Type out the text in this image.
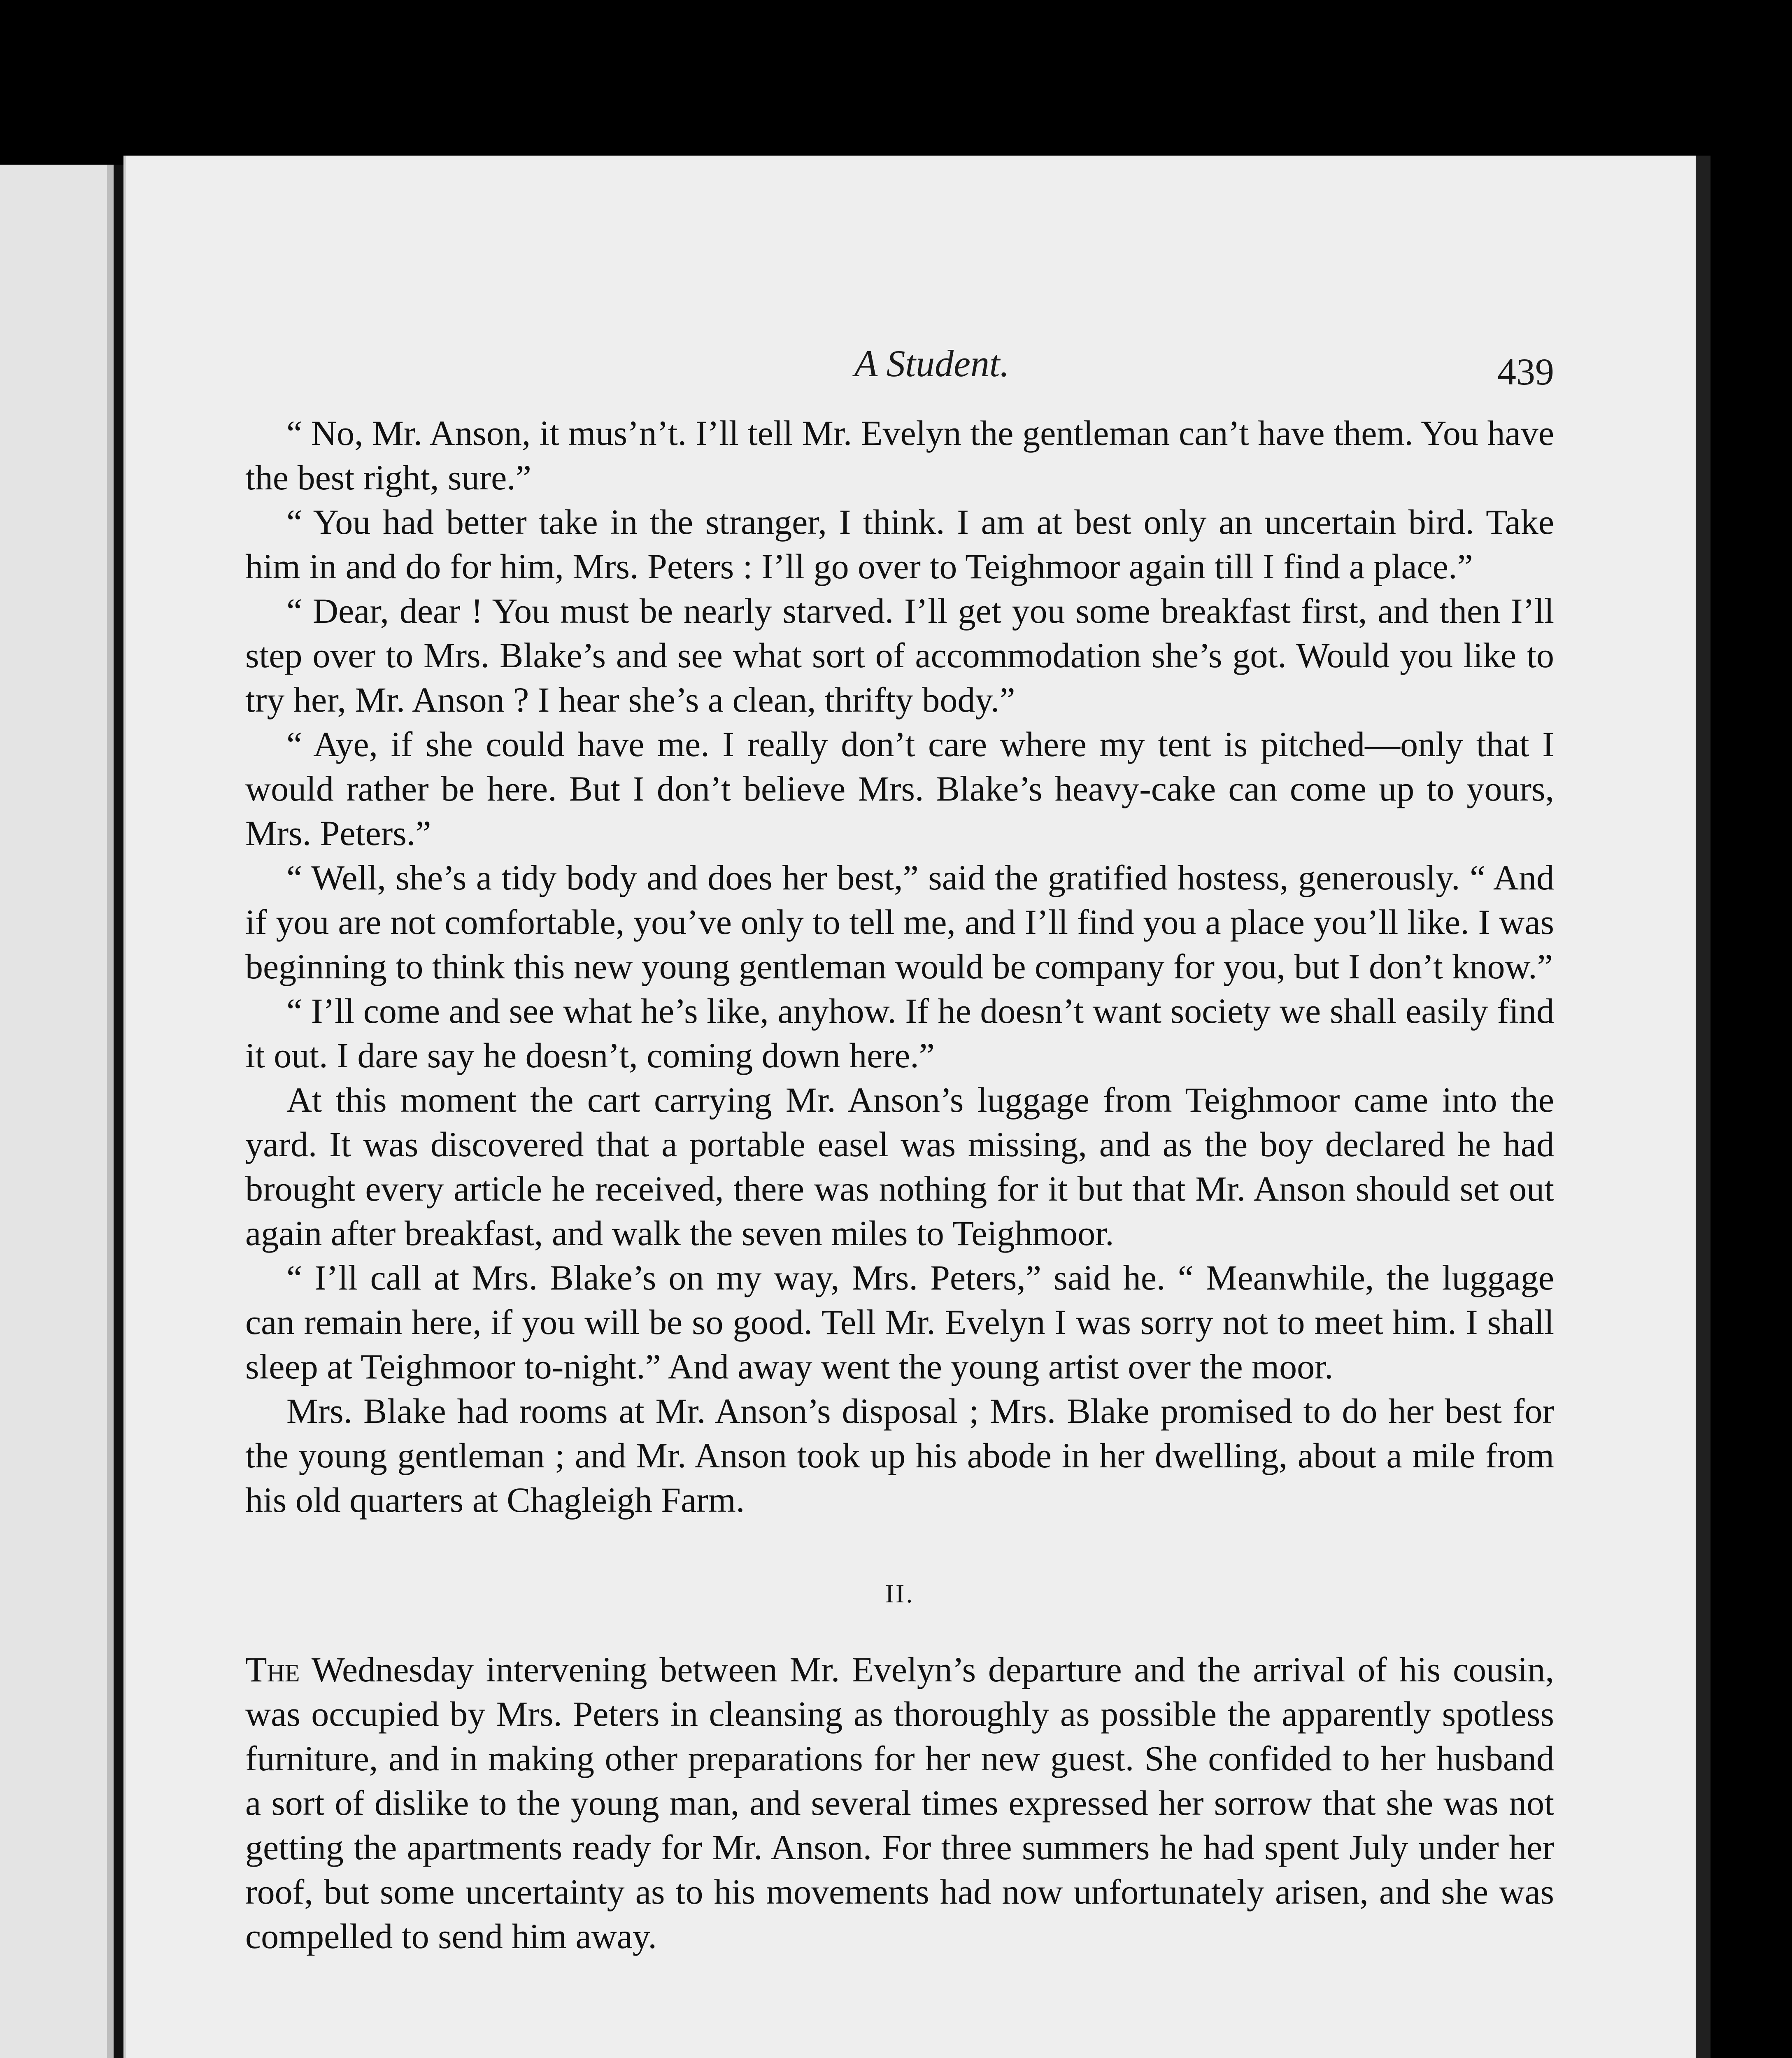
A Student.	439

“ No, Mr. Anson, it mus’n’t. I’ll tell Mr. Evelyn the gentleman can’t have them. You have the best right, sure.”

“ You had better take in the stranger, I think. I am at best only an uncertain bird. Take him in and do for him, Mrs. Peters : I’ll go over to Teighmoor again till I find a place.”

“ Dear, dear ! You must be nearly starved. I’ll get you some breakfast first, and then I’ll step over to Mrs. Blake’s and see what sort of accommodation she’s got. Would you like to try her, Mr. Anson ? I hear she’s a clean, thrifty body.”

“ Aye, if she could have me. I really don’t care where my tent is pitched—only that I would rather be here. But I don’t believe Mrs. Blake’s heavy-cake can come up to yours, Mrs. Peters.”

“ Well, she’s a tidy body and does her best,” said the gratified hostess, generously. “ And if you are not comfortable, you’ve only to tell me, and I’ll find you a place you’ll like. I was beginning to think this new young gentleman would be company for you, but I don’t know.”

“ I’ll come and see what he’s like, anyhow. If he doesn’t want society we shall easily find it out. I dare say he doesn’t, coming down here.”

At this moment the cart carrying Mr. Anson’s luggage from Teighmoor came into the yard. It was discovered that a portable easel was missing, and as the boy declared he had brought every article he received, there was nothing for it but that Mr. Anson should set out again after breakfast, and walk the seven miles to Teighmoor.

“ I’ll call at Mrs. Blake’s on my way, Mrs. Peters,” said he. “ Meanwhile, the luggage can remain here, if you will be so good. Tell Mr. Evelyn I was sorry not to meet him. I shall sleep at Teighmoor to-night.” And away went the young artist over the moor.

Mrs. Blake had rooms at Mr. Anson’s disposal ; Mrs. Blake promised to do her best for the young gentleman ; and Mr. Anson took up his abode in her dwelling, about a mile from his old quarters at Chagleigh Farm.

II.

The Wednesday intervening between Mr. Evelyn’s departure and the arrival of his cousin, was occupied by Mrs. Peters in cleansing as thoroughly as possible the apparently spotless furniture, and in making other preparations for her new guest. She confided to her husband a sort of dislike to the young man, and several times expressed her sorrow that she was not getting the apartments ready for Mr. Anson. For three summers he had spent July under her roof, but some uncertainty as to his movements had now unfortunately arisen, and she was compelled to send him away.
